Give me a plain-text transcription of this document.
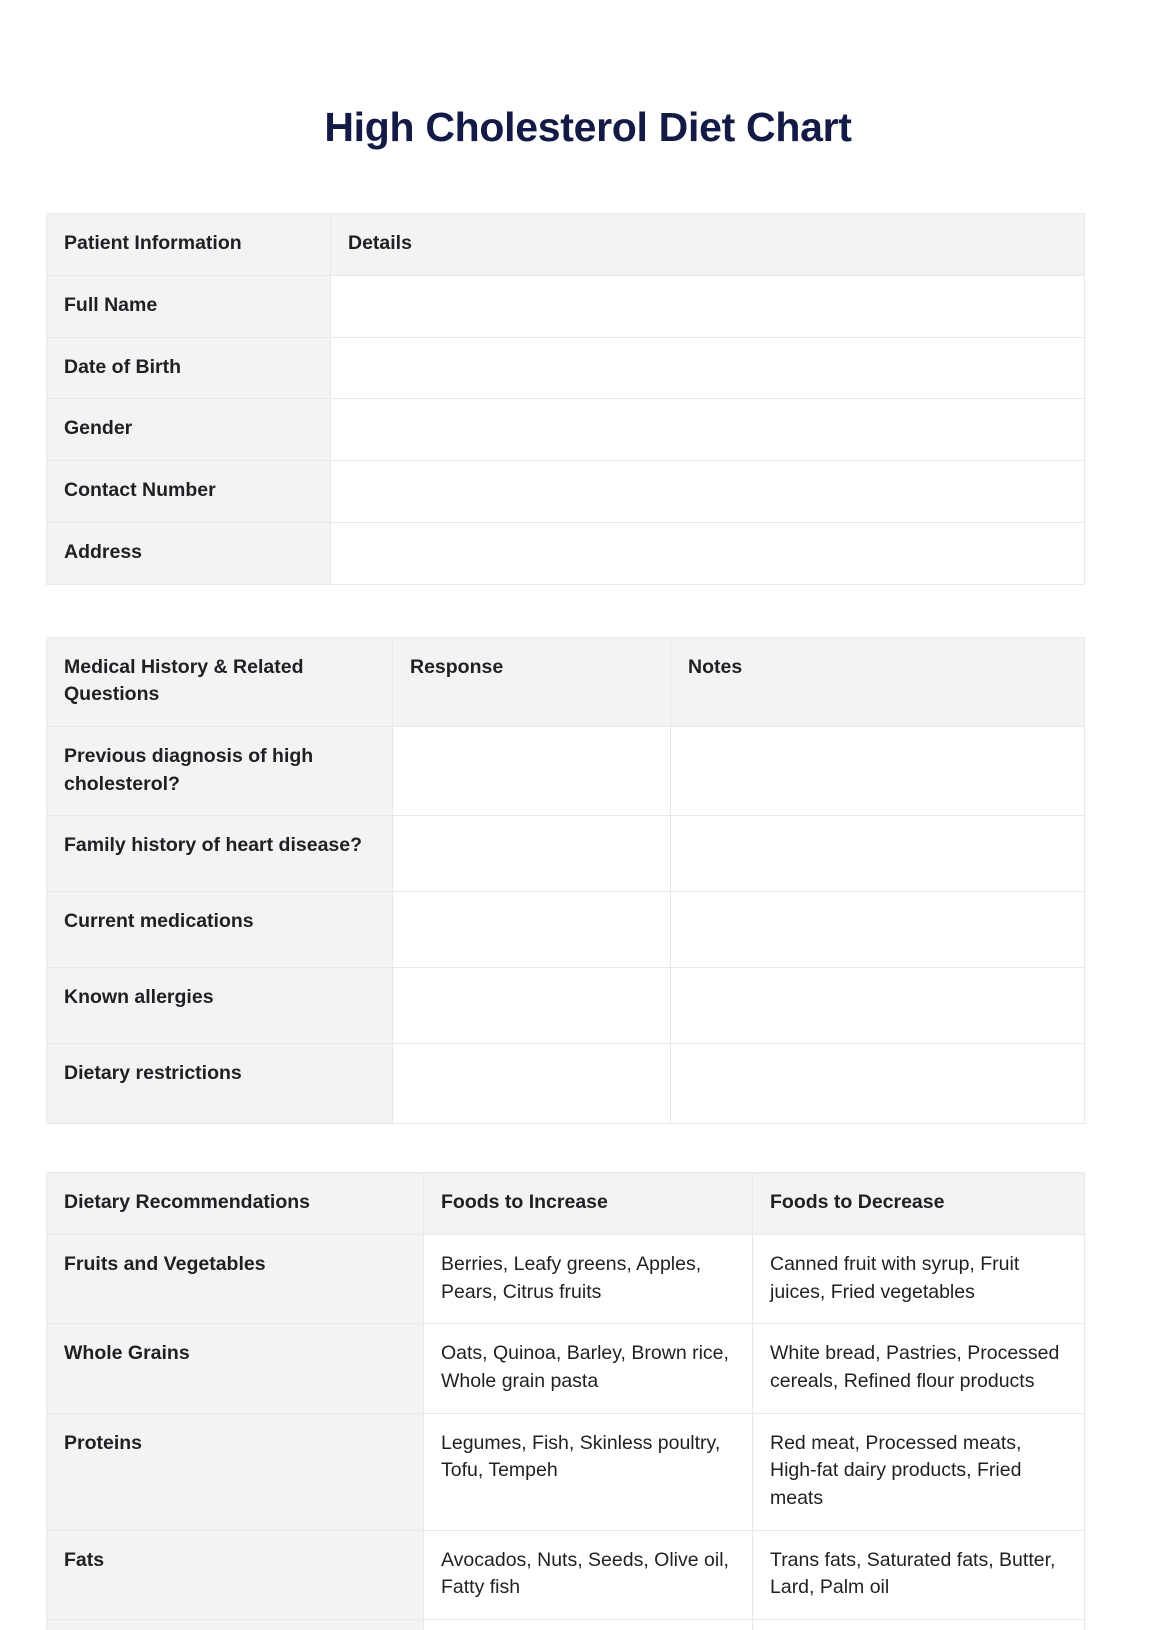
High Cholesterol Diet Chart
Patient Information	Details
Full Name	
Date of Birth	
Gender	
Contact Number	
Address	
Medical History & Related Questions	Response	Notes
Previous diagnosis of high cholesterol?		
Family history of heart disease?		
Current medications		
Known allergies		
Dietary restrictions		
Dietary Recommendations	Foods to Increase	Foods to Decrease
Fruits and Vegetables	Berries, Leafy greens, Apples, Pears, Citrus fruits	Canned fruit with syrup, Fruit juices, Fried vegetables
Whole Grains	Oats, Quinoa, Barley, Brown rice, Whole grain pasta	White bread, Pastries, Processed cereals, Refined flour products
Proteins	Legumes, Fish, Skinless poultry, Tofu, Tempeh	Red meat, Processed meats, High-fat dairy products, Fried meats
Fats	Avocados, Nuts, Seeds, Olive oil, Fatty fish	Trans fats, Saturated fats, Butter, Lard, Palm oil
